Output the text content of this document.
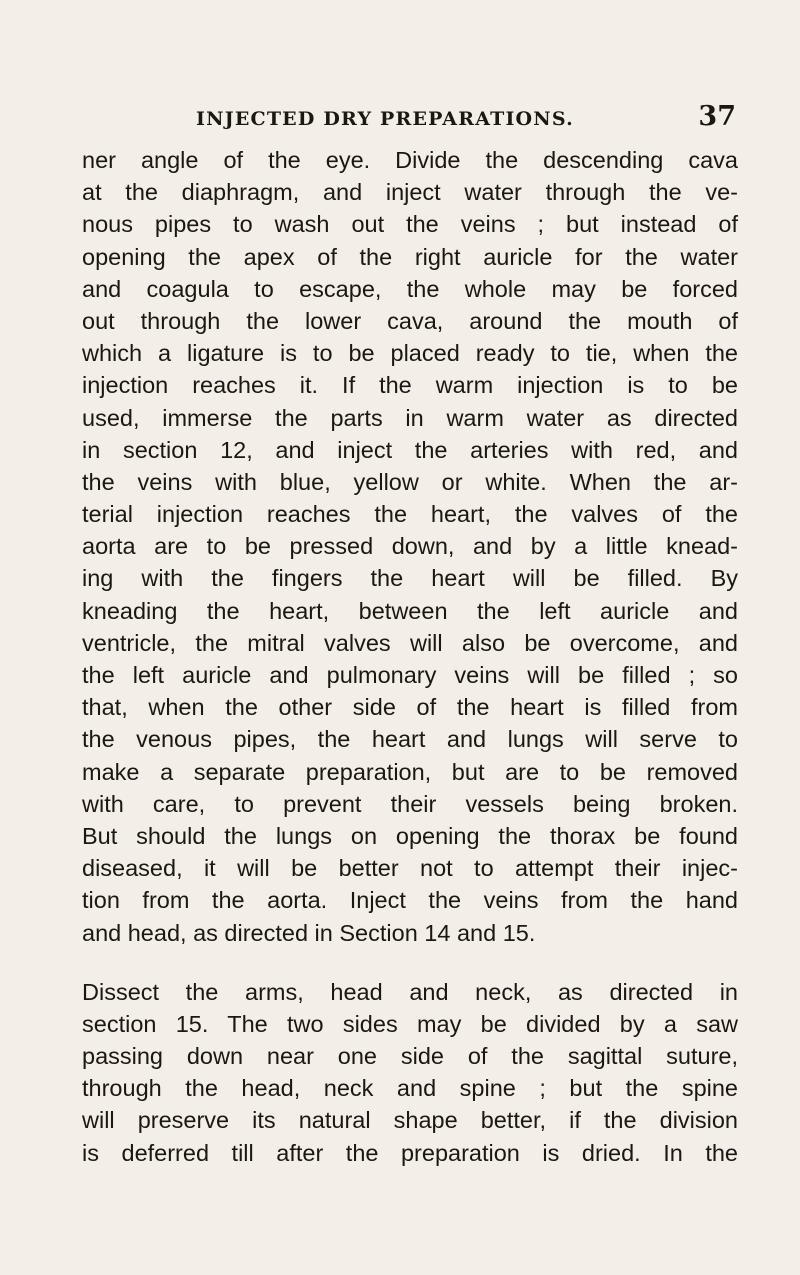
INJECTED DRY PREPARATIONS.	37
ner angle of the eye. Divide the descending cava
at the diaphragm, and inject water through the ve-
nous pipes to wash out the veins ; but instead of
opening the apex of the right auricle for the water
and coagula to escape, the whole may be forced
out through the lower cava, around the mouth of
which a ligature is to be placed ready to tie, when the
injection reaches it. If the warm injection is to be
used, immerse the parts in warm water as directed
in section 12, and inject the arteries with red, and
the veins with blue, yellow or white. When the ar-
terial injection reaches the heart, the valves of the
aorta are to be pressed down, and by a little knead-
ing with the fingers the heart will be filled. By
kneading the heart, between the left auricle and
ventricle, the mitral valves will also be overcome, and
the left auricle and pulmonary veins will be filled ; so
that, when the other side of the heart is filled from
the venous pipes, the heart and lungs will serve to
make a separate preparation, but are to be removed
with care, to prevent their vessels being broken.
But should the lungs on opening the thorax be found
diseased, it will be better not to attempt their injec-
tion from the aorta. Inject the veins from the hand
and head, as directed in Section 14 and 15.
Dissect the arms, head and neck, as directed in
section 15. The two sides may be divided by a saw
passing down near one side of the sagittal suture,
through the head, neck and spine ; but the spine
will preserve its natural shape better, if the division
is deferred till after the preparation is dried. In the
